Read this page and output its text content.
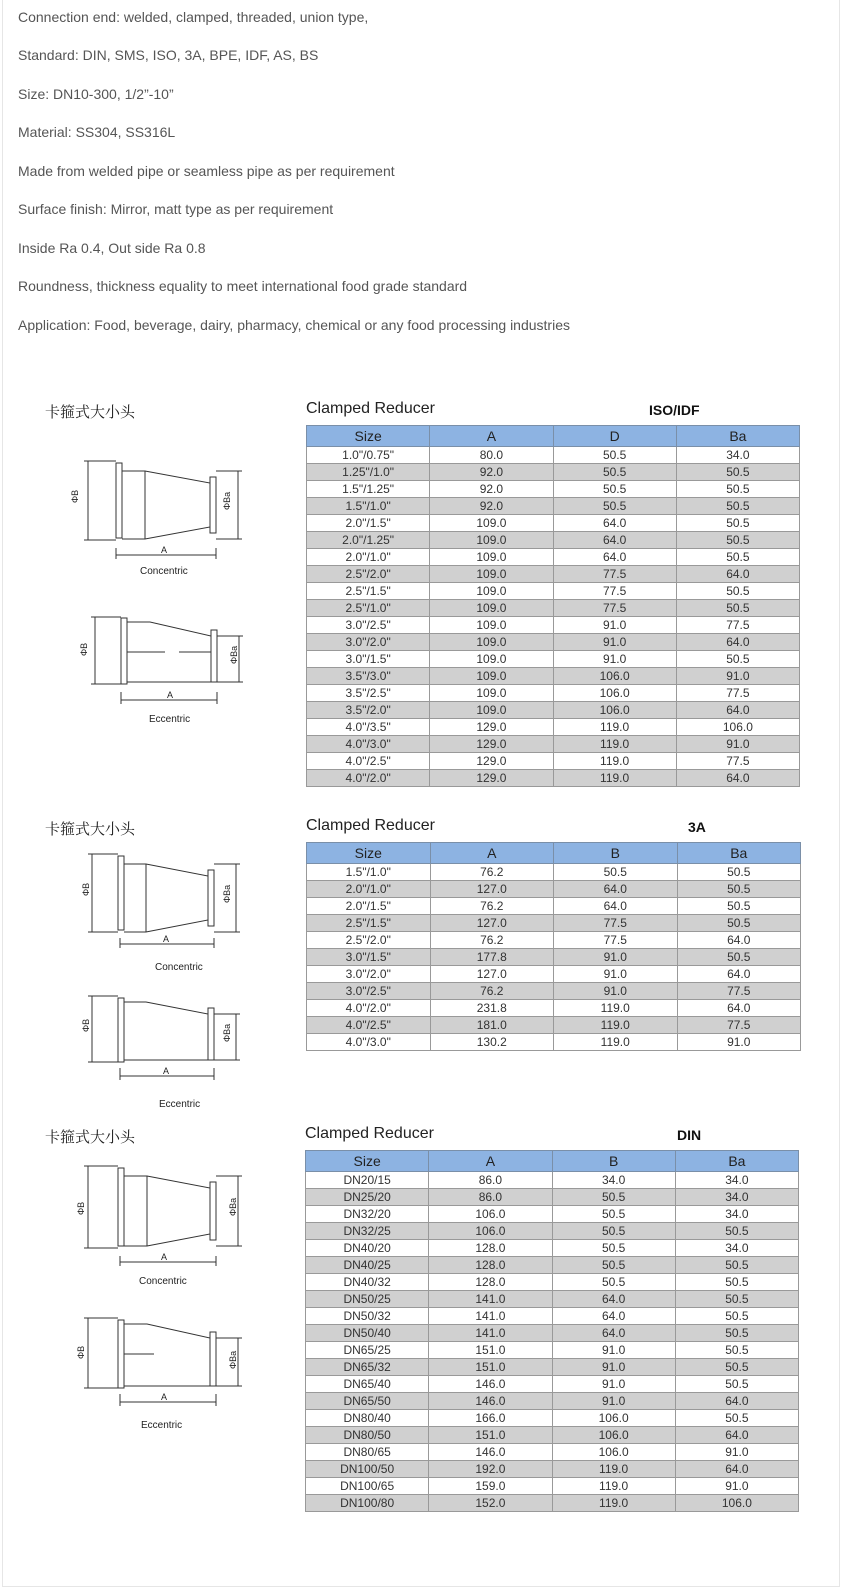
Connection end: welded, clamped, threaded, union type,
Standard: DIN, SMS, ISO, 3A, BPE, IDF, AS, BS
Size: DN10-300, 1/2”-10”
Material: SS304, SS316L
Made from welded pipe or seamless pipe as per requirement
Surface finish: Mirror, matt type as per requirement
Inside Ra 0.4, Out side Ra 0.8
Roundness, thickness equality to meet international food grade standard
Application: Food, beverage, dairy, pharmacy, chemical or any food processing industries
卡箍式大小头	Clamped Reducer	ISO/IDF
ΦB	ΦBa
A
Concentric
ΦB	ΦBa
A
Eccentric
Size	A	D	Ba
1.0"/0.75"	80.0	50.5	34.0
1.25"/1.0"	92.0	50.5	50.5
1.5"/1.25"	92.0	50.5	50.5
1.5"/1.0"	92.0	50.5	50.5
2.0"/1.5"	109.0	64.0	50.5
2.0"/1.25"	109.0	64.0	50.5
2.0"/1.0"	109.0	64.0	50.5
2.5"/2.0"	109.0	77.5	64.0
2.5"/1.5"	109.0	77.5	50.5
2.5"/1.0"	109.0	77.5	50.5
3.0"/2.5"	109.0	91.0	77.5
3.0"/2.0"	109.0	91.0	64.0
3.0"/1.5"	109.0	91.0	50.5
3.5"/3.0"	109.0	106.0	91.0
3.5"/2.5"	109.0	106.0	77.5
3.5"/2.0"	109.0	106.0	64.0
4.0"/3.5"	129.0	119.0	106.0
4.0"/3.0"	129.0	119.0	91.0
4.0"/2.5"	129.0	119.0	77.5
4.0"/2.0"	129.0	119.0	64.0
卡箍式大小头	Clamped Reducer	3A
ΦB	ΦBa
A
Concentric
ΦB	ΦBa
A
Eccentric
Size	A	B	Ba
1.5"/1.0"	76.2	50.5	50.5
2.0"/1.0"	127.0	64.0	50.5
2.0"/1.5"	76.2	64.0	50.5
2.5"/1.5"	127.0	77.5	50.5
2.5"/2.0"	76.2	77.5	64.0
3.0"/1.5"	177.8	91.0	50.5
3.0"/2.0"	127.0	91.0	64.0
3.0"/2.5"	76.2	91.0	77.5
4.0"/2.0"	231.8	119.0	64.0
4.0"/2.5"	181.0	119.0	77.5
4.0"/3.0"	130.2	119.0	91.0
卡箍式大小头	Clamped Reducer	DIN
ΦB	ΦBa
A
Concentric
ΦB	ΦBa
A
Eccentric
Size	A	B	Ba
DN20/15	86.0	34.0	34.0
DN25/20	86.0	50.5	34.0
DN32/20	106.0	50.5	34.0
DN32/25	106.0	50.5	50.5
DN40/20	128.0	50.5	34.0
DN40/25	128.0	50.5	50.5
DN40/32	128.0	50.5	50.5
DN50/25	141.0	64.0	50.5
DN50/32	141.0	64.0	50.5
DN50/40	141.0	64.0	50.5
DN65/25	151.0	91.0	50.5
DN65/32	151.0	91.0	50.5
DN65/40	146.0	91.0	50.5
DN65/50	146.0	91.0	64.0
DN80/40	166.0	106.0	50.5
DN80/50	151.0	106.0	64.0
DN80/65	146.0	106.0	91.0
DN100/50	192.0	119.0	64.0
DN100/65	159.0	119.0	91.0
DN100/80	152.0	119.0	106.0
